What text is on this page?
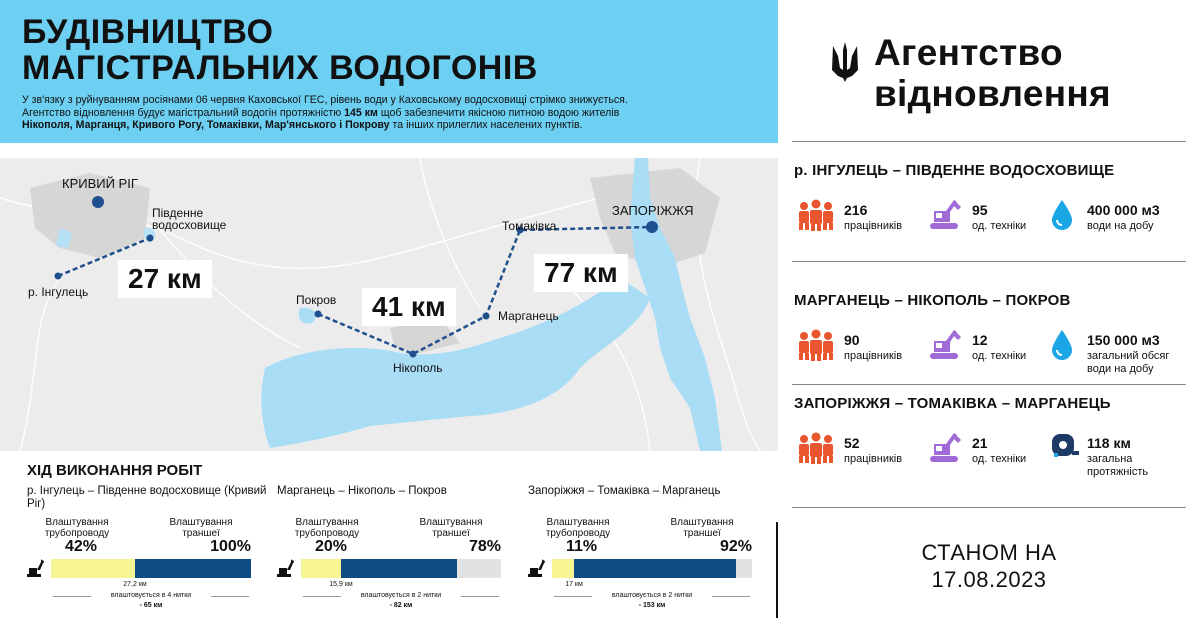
БУДІВНИЦТВО
МАГІСТРАЛЬНИХ ВОДОГОНІВ
У зв'язку з руйнуванням росіянами 06 червня Каховської ГЕС, рівень води у Каховському водосховищі стрімко знижується.
Агентство відновлення будує магістральний водогін протяжністю 145 км щоб забезпечити якісною питною водою жителів
Нікополя, Марганця, Кривого Рогу, Томаківки, Мар'янського і Покрову та інших прилеглих населених пунктів.
КРИВИЙ РІГ
Південне
водосховище
р. Інгулець
Покров
Нікополь
Марганець
Томаківка
ЗАПОРІЖЖЯ
27 км
41 км
77 км
ХІД ВИКОНАННЯ РОБІТ
р. Інгулець – Південне водосховище (Кривий Ріг)
Влаштування трубопроводу
Влаштування траншеї
42%	100%
27,2 км
влаштовується в 4 нитки
- 65 км
Марганець – Нікополь – Покров
Влаштування трубопроводу
Влаштування траншеї
20%	78%
15,9 км
влаштовується в 2 нитки
- 82 км
Запоріжжя – Томаківка – Марганець
Влаштування трубопроводу
Влаштування траншеї
11%	92%
17 км
влаштовується в 2 нитки
- 153 км
Агентство
відновлення
р. ІНГУЛЕЦЬ – ПІВДЕННЕ ВОДОСХОВИЩЕ
216
працівників
95
од. техніки
400 000 м3
води на добу
МАРГАНЕЦЬ – НІКОПОЛЬ – ПОКРОВ
90
працівників
12
од. техніки
150 000 м3
загальний обсяг
води на добу
ЗАПОРІЖЖЯ – ТОМАКІВКА – МАРГАНЕЦЬ
52
працівників
21
од. техніки
118 км
загальна
протяжність
СТАНОМ НА
17.08.2023
